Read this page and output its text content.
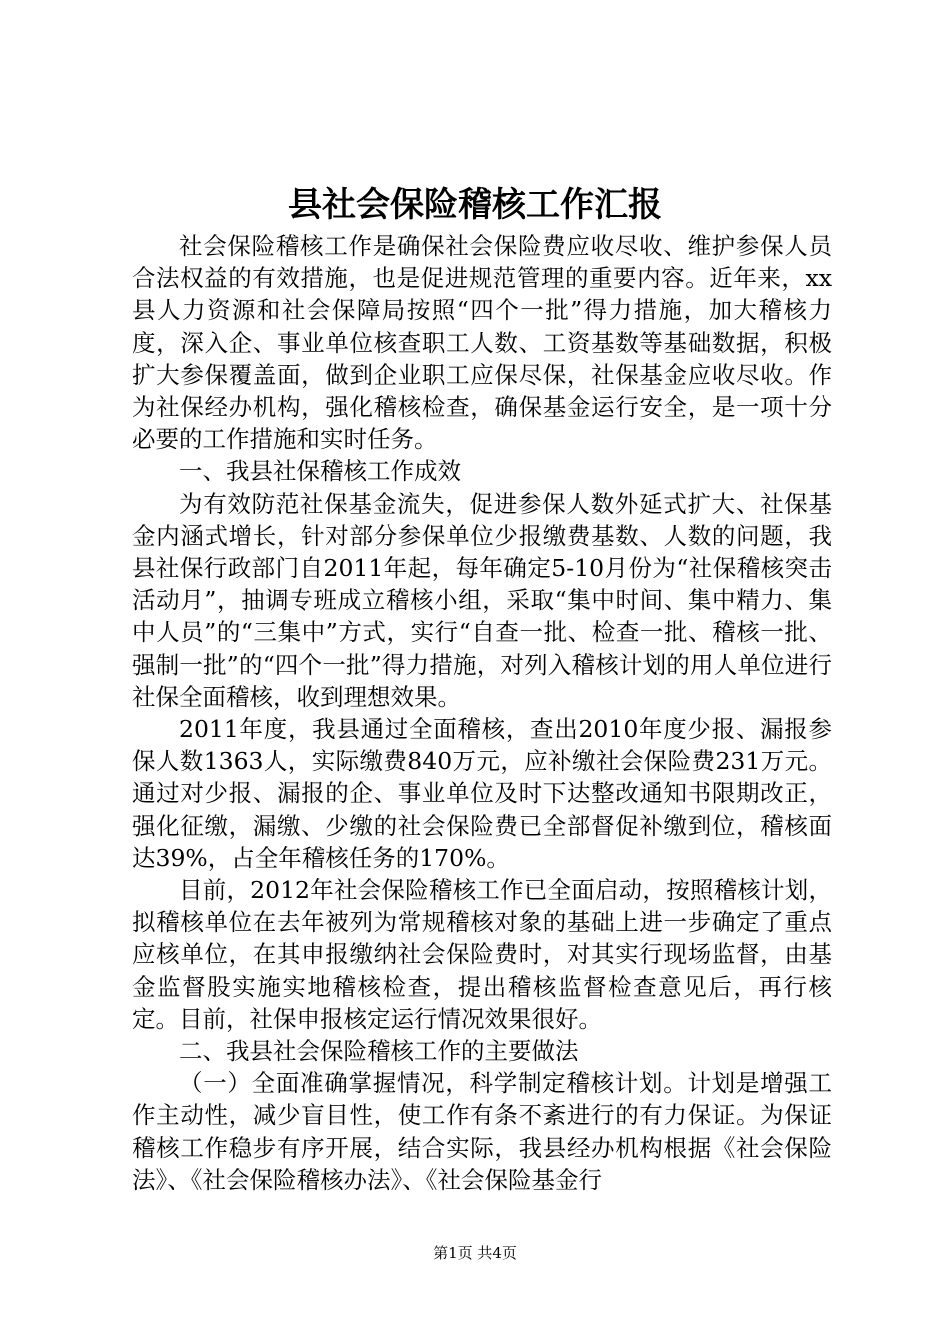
县社会保险稽核工作汇报

社会保险稽核工作是确保社会保险费应收尽收、维护参保人员合法权益的有效措施，也是促进规范管理的重要内容。近年来，xx县人力资源和社会保障局按照“四个一批”得力措施，加大稽核力度，深入企、事业单位核查职工人数、工资基数等基础数据，积极扩大参保覆盖面，做到企业职工应保尽保，社保基金应收尽收。作为社保经办机构，强化稽核检查，确保基金运行安全，是一项十分必要的工作措施和实时任务。

一、我县社保稽核工作成效

为有效防范社保基金流失，促进参保人数外延式扩大、社保基金内涵式增长，针对部分参保单位少报缴费基数、人数的问题，我县社保行政部门自2011年起，每年确定5-10月份为“社保稽核突击活动月”，抽调专班成立稽核小组，采取“集中时间、集中精力、集中人员”的“三集中”方式，实行“自查一批、检查一批、稽核一批、强制一批”的“四个一批”得力措施，对列入稽核计划的用人单位进行社保全面稽核，收到理想效果。

2011年度，我县通过全面稽核，查出2010年度少报、漏报参保人数1363人，实际缴费840万元，应补缴社会保险费231万元。通过对少报、漏报的企、事业单位及时下达整改通知书限期改正，强化征缴，漏缴、少缴的社会保险费已全部督促补缴到位，稽核面达39%，占全年稽核任务的170%。

目前，2012年社会保险稽核工作已全面启动，按照稽核计划，拟稽核单位在去年被列为常规稽核对象的基础上进一步确定了重点应核单位，在其申报缴纳社会保险费时，对其实行现场监督，由基金监督股实施实地稽核检查，提出稽核监督检查意见后，再行核定。目前，社保申报核定运行情况效果很好。

二、我县社会保险稽核工作的主要做法

（一）全面准确掌握情况，科学制定稽核计划。计划是增强工作主动性，减少盲目性，使工作有条不紊进行的有力保证。为保证稽核工作稳步有序开展，结合实际，我县经办机构根据《社会保险法》、《社会保险稽核办法》、《社会保险基金行

第1页 共4页
